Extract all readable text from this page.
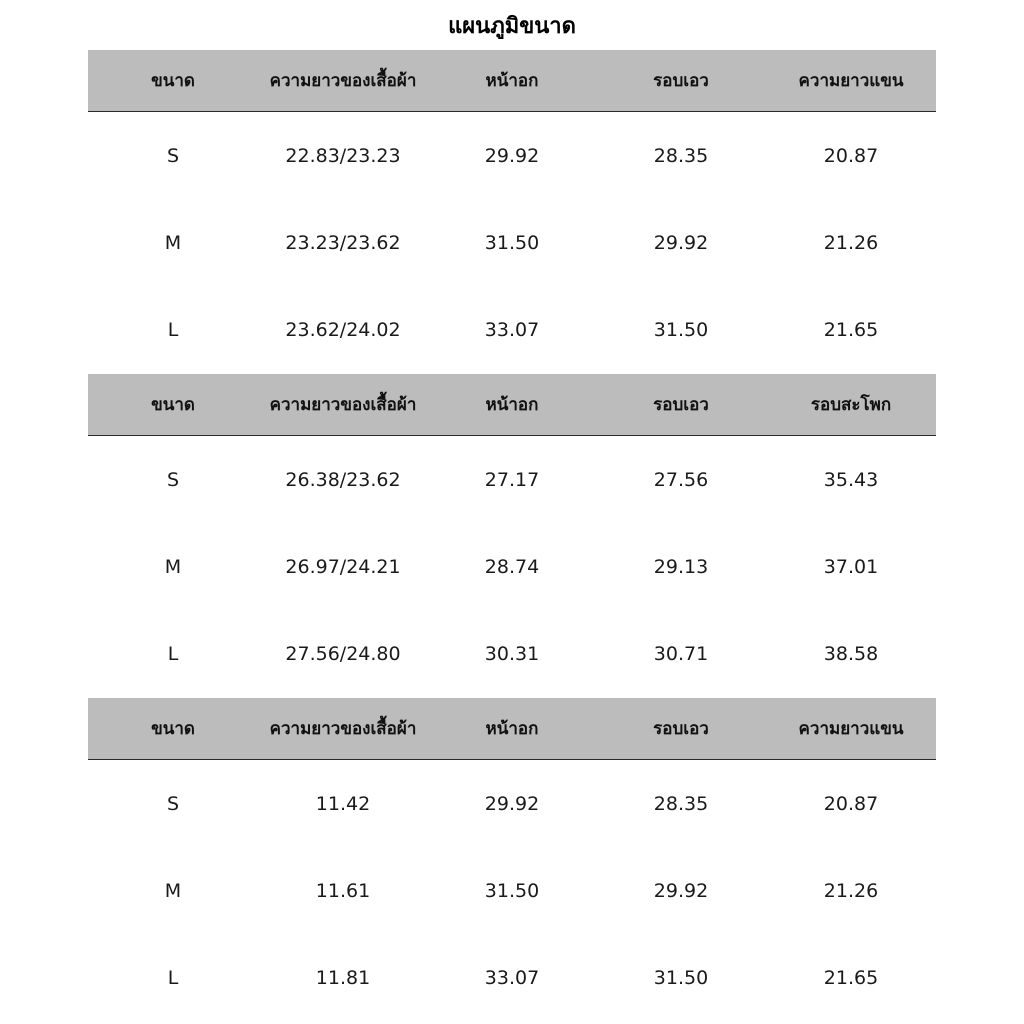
แผนภูมิขนาด
ขนาด	ความยาวของเสื้อผ้า	หน้าอก	รอบเอว	ความยาวแขน
S	22.83/23.23	29.92	28.35	20.87
M	23.23/23.62	31.50	29.92	21.26
L	23.62/24.02	33.07	31.50	21.65
ขนาด	ความยาวของเสื้อผ้า	หน้าอก	รอบเอว	รอบสะโพก
S	26.38/23.62	27.17	27.56	35.43
M	26.97/24.21	28.74	29.13	37.01
L	27.56/24.80	30.31	30.71	38.58
ขนาด	ความยาวของเสื้อผ้า	หน้าอก	รอบเอว	ความยาวแขน
S	11.42	29.92	28.35	20.87
M	11.61	31.50	29.92	21.26
L	11.81	33.07	31.50	21.65
